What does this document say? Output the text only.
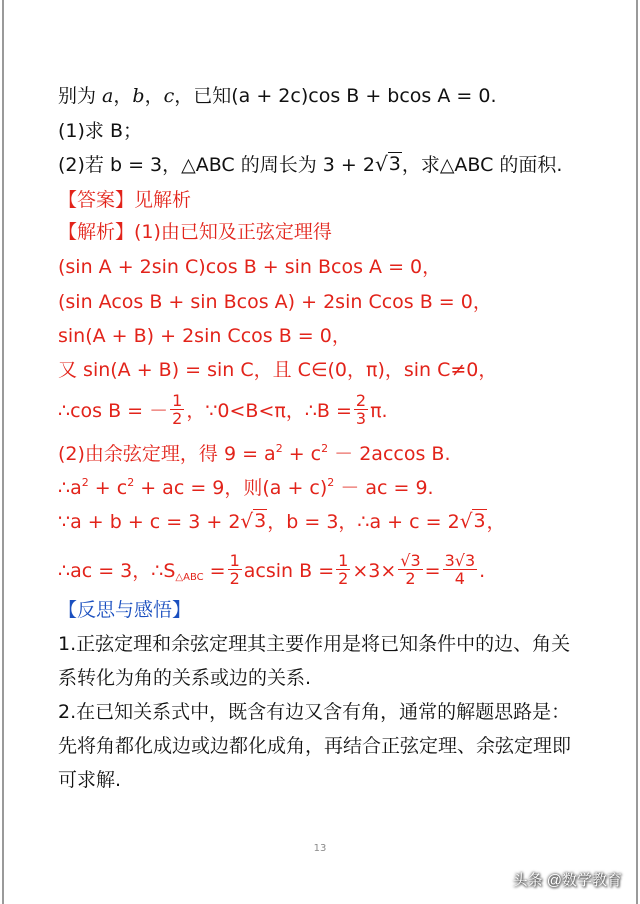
别为 a，b，c，已知(a + 2c)cos B + bcos A = 0.
(1)求 B；
(2)若 b = 3，△ABC 的周长为 3 + 2 √ 3 ，求△ABC 的面积.
【答案】见解析
【解析】(1)由已知及正弦定理得
(sin A + 2sin C)cos B + sin Bcos A = 0，
(sin Acos B + sin Bcos A) + 2sin Ccos B = 0，
sin(A + B) + 2sin Ccos B = 0，
又 sin(A + B) = sin C，且 C∈(0，π)，sin C≠0，
∴cos B = － $\frac{1}{2}$ ，∵0<B<π，∴B = $\frac{2}{3} \pi$.
(2)由余弦定理，得 $9 = a^2 + c^2 - 2accos$ B.
$\therefore a^2 + c^2$ + ac = 9，则$(a + c)^2$ － ac = 9.
∵a + b + c = 3 + 2 √ 3 ，b = 3，∴a + c = 2 √ 3 ，
∴ac = 3，$\therefore S_{\triangle ABC} = \frac{1}{2}$ acsin $B = \frac{1}{2} \times 3\times \frac{√3}{2} = \frac{3√3}{4}$ .
【反思与感悟】
1.正弦定理和余弦定理其主要作用是将已知条件中的边、角关
系转化为角的关系或边的关系.
2.在已知关系式中，既含有边又含有角，通常的解题思路是：
先将角都化成边或边都化成角，再结合正弦定理、余弦定理即
可求解.
13
头条 @数学教育
